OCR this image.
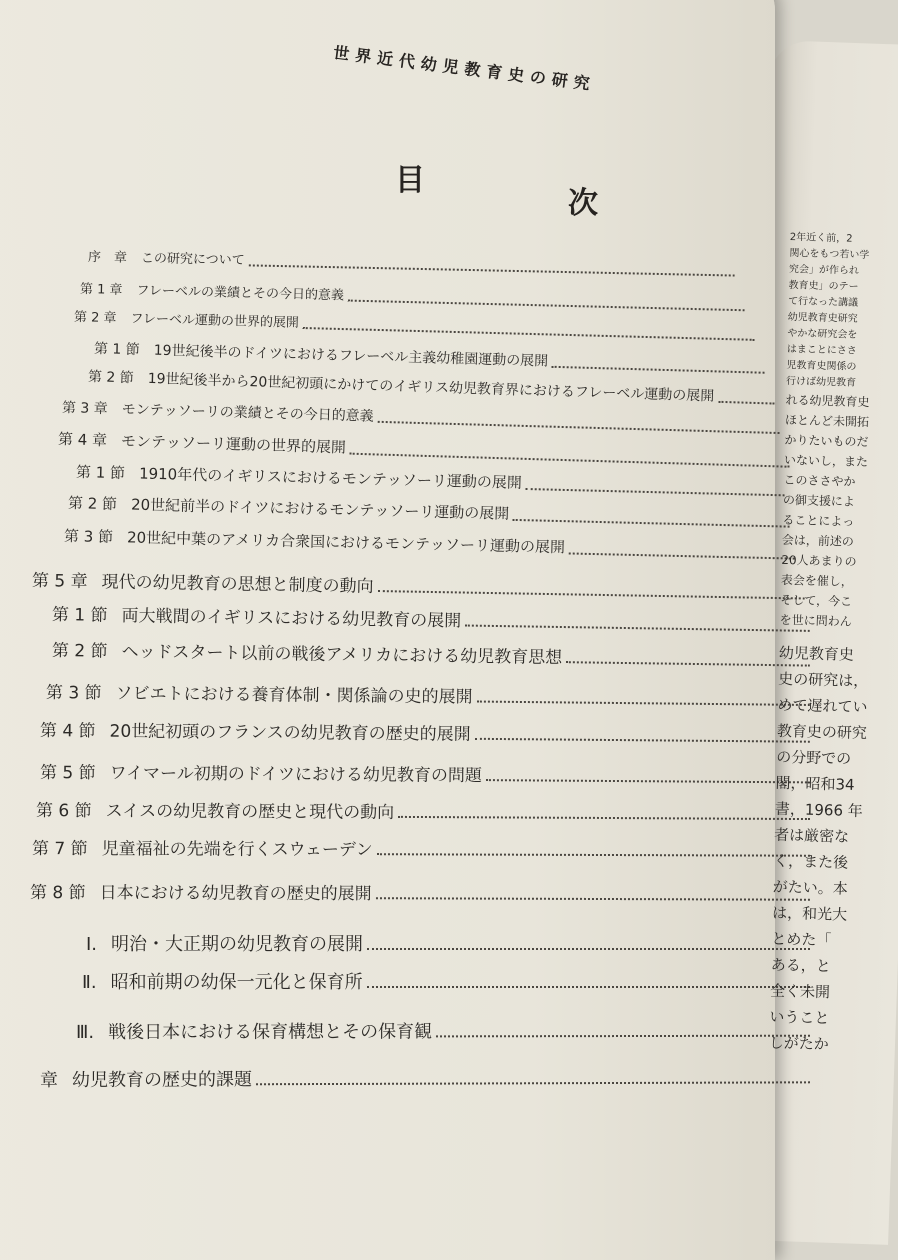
世界近代幼児教育史の研究
目
次
序　章 この研究について
第 1 章 フレーベルの業績とその今日的意義
第 2 章 フレーベル運動の世界的展開
第 1 節 19世紀後半のドイツにおけるフレーベル主義幼稚園運動の展開
第 2 節 19世紀後半から20世紀初頭にかけてのイギリス幼児教育界におけるフレーベル運動の展開
第 3 章 モンテッソーリの業績とその今日的意義
第 4 章 モンテッソーリ運動の世界的展開
第 1 節 1910年代のイギリスにおけるモンテッソーリ運動の展開
第 2 節 20世紀前半のドイツにおけるモンテッソーリ運動の展開
第 3 節 20世紀中葉のアメリカ合衆国におけるモンテッソーリ運動の展開
第 5 章 現代の幼児教育の思想と制度の動向
第 1 節 両大戦間のイギリスにおける幼児教育の展開
第 2 節 ヘッドスタート以前の戦後アメリカにおける幼児教育思想
第 3 節 ソビエトにおける養育体制・関係論の史的展開
第 4 節 20世紀初頭のフランスの幼児教育の歴史的展開
第 5 節 ワイマール初期のドイツにおける幼児教育の問題
第 6 節 スイスの幼児教育の歴史と現代の動向
第 7 節 児童福祉の先端を行くスウェーデン
第 8 節 日本における幼児教育の歴史的展開
Ⅰ. 明治・大正期の幼児教育の展開
Ⅱ. 昭和前期の幼保一元化と保育所
Ⅲ. 戦後日本における保育構想とその保育観
章 幼児教育の歴史的課題
2年近く前，2
関心をもつ若い学
究会」が作られ
教育史」のテー
て行なった講議
幼児教育史研究
やかな研究会を
はまことにささ
児教育史関係の
行けば幼児教育
れる幼児教育史
ほとんど未開拓
かりたいものだ
いないし，また
このささやか
の御支援によ
ることによっ
会は，前述の
20人あまりの
表会を催し，
そして，今こ
を世に問わん
幼児教育史
史の研究は，
めて遅れてい
教育史の研究
の分野での
閣，昭和34
書，1966 年
者は厳密な
く，また後
がたい。本
は，和光大
とめた「
ある，と
全く未開
いうこと
しがたか
